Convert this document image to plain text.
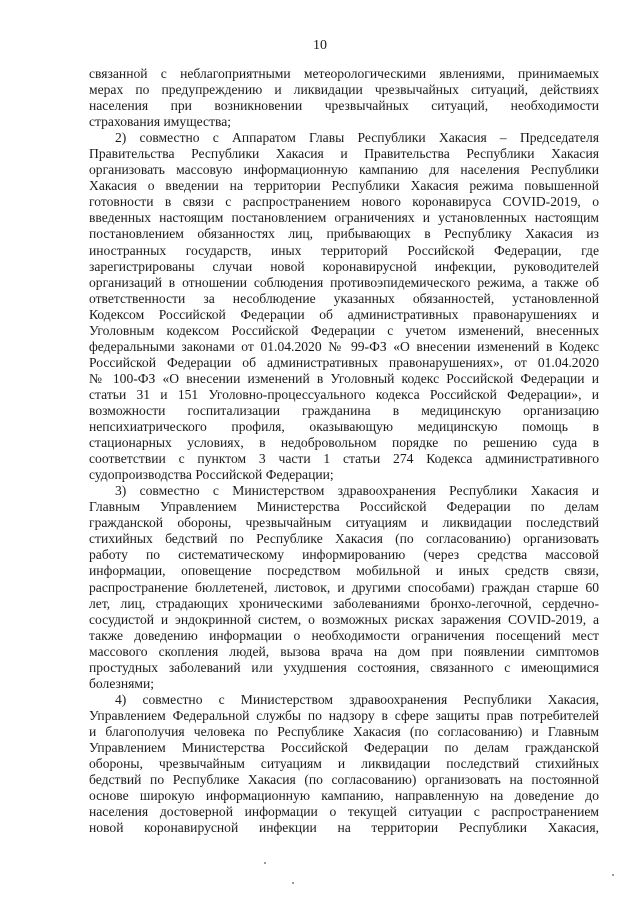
10
связанной с неблагоприятными метеорологическими явлениями, принимаемых
мерах по предупреждению и ликвидации чрезвычайных ситуаций, действиях
населения при возникновении чрезвычайных ситуаций, необходимости
страхования имущества;
2) совместно с Аппаратом Главы Республики Хакасия – Председателя
Правительства Республики Хакасия и Правительства Республики Хакасия
организовать массовую информационную кампанию для населения Республики
Хакасия о введении на территории Республики Хакасия режима повышенной
готовности в связи с распространением нового коронавируса COVID-2019, о
введенных настоящим постановлением ограничениях и установленных настоящим
постановлением обязанностях лиц, прибывающих в Республику Хакасия из
иностранных государств, иных территорий Российской Федерации, где
зарегистрированы случаи новой коронавирусной инфекции, руководителей
организаций в отношении соблюдения противоэпидемического режима, а также об
ответственности за несоблюдение указанных обязанностей, установленной
Кодексом Российской Федерации об административных правонарушениях и
Уголовным кодексом Российской Федерации с учетом изменений, внесенных
федеральными законами от 01.04.2020 № 99-ФЗ «О внесении изменений в Кодекс
Российской Федерации об административных правонарушениях», от 01.04.2020
№ 100-ФЗ «О внесении изменений в Уголовный кодекс Российской Федерации и
статьи 31 и 151 Уголовно-процессуального кодекса Российской Федерации», и
возможности госпитализации гражданина в медицинскую организацию
непсихиатрического профиля, оказывающую медицинскую помощь в
стационарных условиях, в недобровольном порядке по решению суда в
соответствии с пунктом 3 части 1 статьи 274 Кодекса административного
судопроизводства Российской Федерации;
3) совместно с Министерством здравоохранения Республики Хакасия и
Главным Управлением Министерства Российской Федерации по делам
гражданской обороны, чрезвычайным ситуациям и ликвидации последствий
стихийных бедствий по Республике Хакасия (по согласованию) организовать
работу по систематическому информированию (через средства массовой
информации, оповещение посредством мобильной и иных средств связи,
распространение бюллетеней, листовок, и другими способами) граждан старше 60
лет, лиц, страдающих хроническими заболеваниями бронхо-легочной, сердечно-
сосудистой и эндокринной систем, о возможных рисках заражения COVID-2019, а
также доведению информации о необходимости ограничения посещений мест
массового скопления людей, вызова врача на дом при появлении симптомов
простудных заболеваний или ухудшения состояния, связанного с имеющимися
болезнями;
4) совместно с Министерством здравоохранения Республики Хакасия,
Управлением Федеральной службы по надзору в сфере защиты прав потребителей
и благополучия человека по Республике Хакасия (по согласованию) и Главным
Управлением Министерства Российской Федерации по делам гражданской
обороны, чрезвычайным ситуациям и ликвидации последствий стихийных
бедствий по Республике Хакасия (по согласованию) организовать на постоянной
основе широкую информационную кампанию, направленную на доведение до
населения достоверной информации о текущей ситуации с распространением
новой коронавирусной инфекции на территории Республики Хакасия,
